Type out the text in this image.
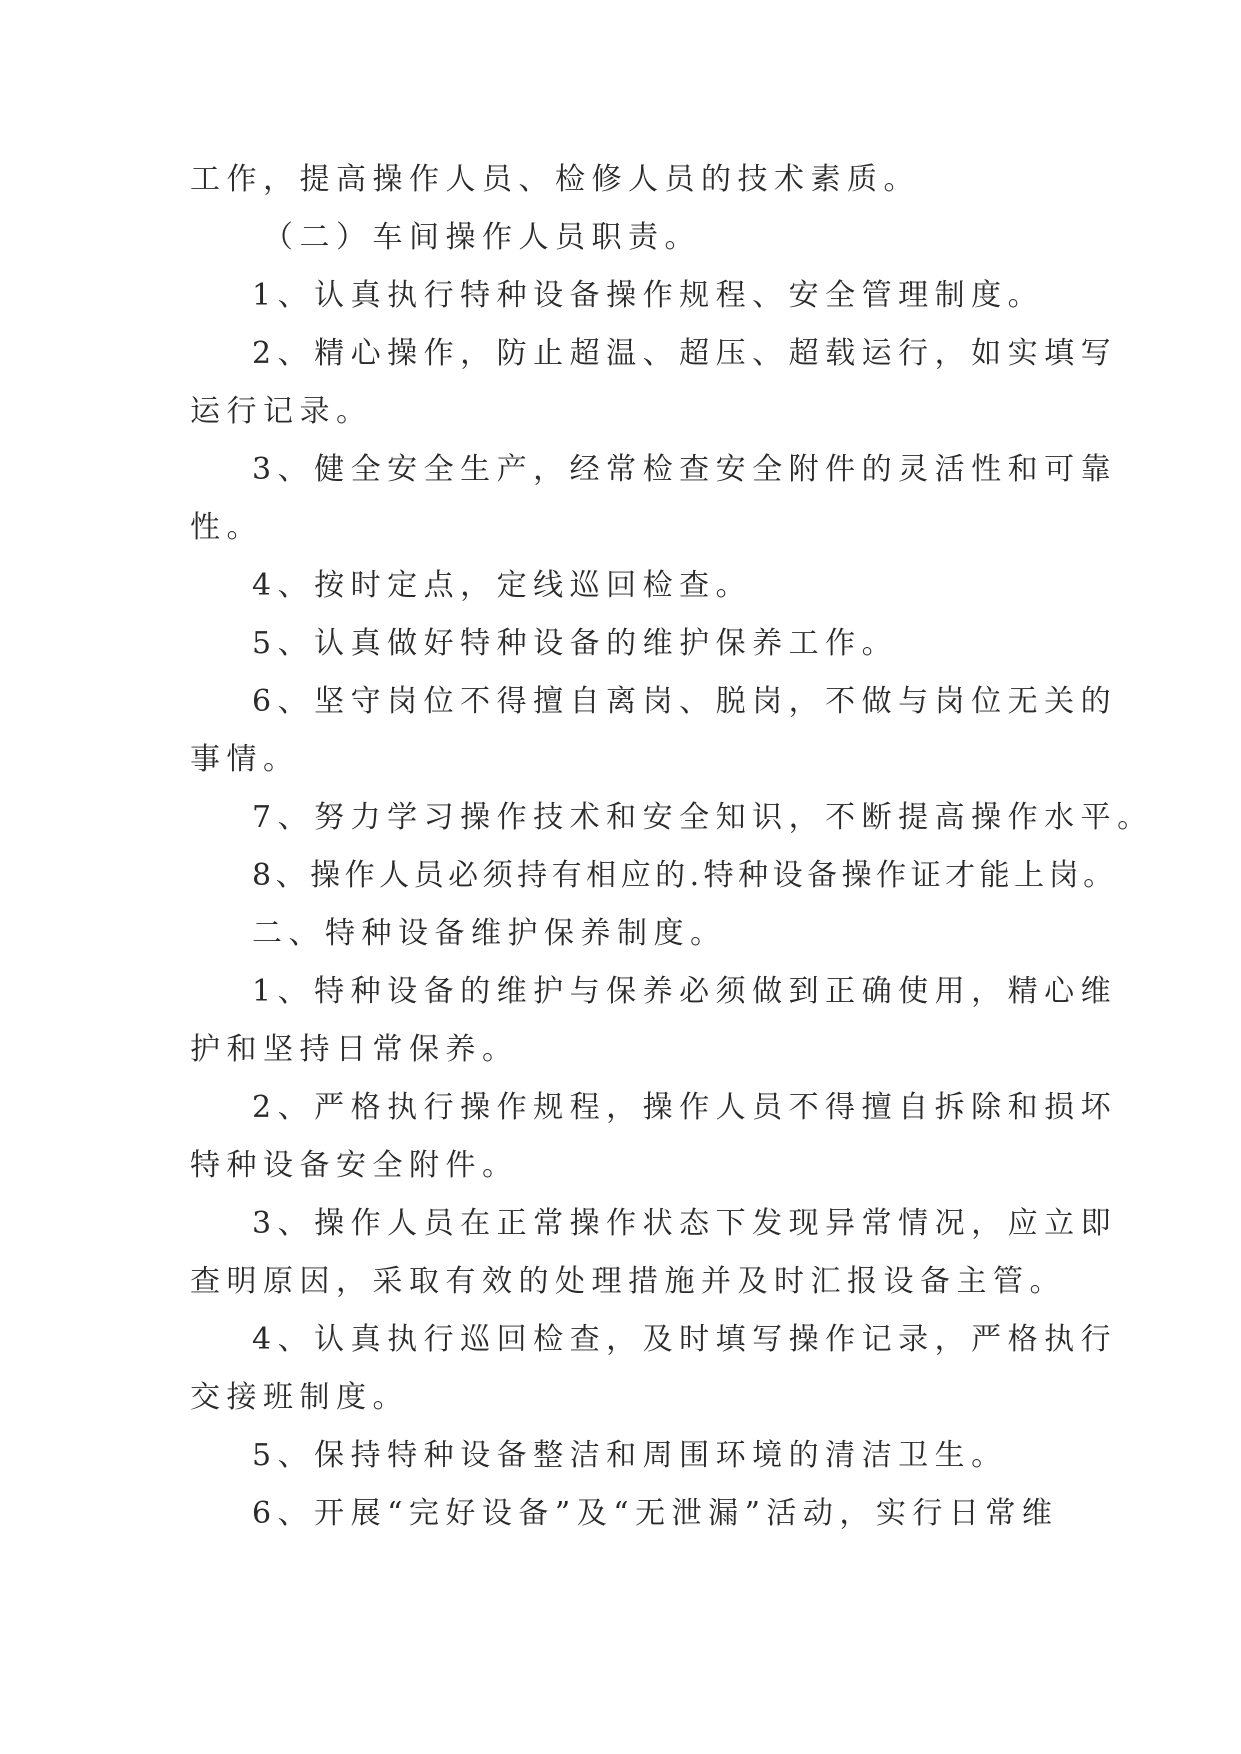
工作，提高操作人员、检修人员的技术素质。
（二）车间操作人员职责。
1、认真执行特种设备操作规程、安全管理制度。
2、精心操作，防止超温、超压、超载运行，如实填写
运行记录。
3、健全安全生产，经常检查安全附件的灵活性和可靠
性。
4、按时定点，定线巡回检查。
5、认真做好特种设备的维护保养工作。
6、坚守岗位不得擅自离岗、脱岗，不做与岗位无关的
事情。
7、努力学习操作技术和安全知识，不断提高操作水平。
8、操作人员必须持有相应的.特种设备操作证才能上岗。
二、特种设备维护保养制度。
1、特种设备的维护与保养必须做到正确使用，精心维
护和坚持日常保养。
2、严格执行操作规程，操作人员不得擅自拆除和损坏
特种设备安全附件。
3、操作人员在正常操作状态下发现异常情况，应立即
查明原因，采取有效的处理措施并及时汇报设备主管。
4、认真执行巡回检查，及时填写操作记录，严格执行
交接班制度。
5、保持特种设备整洁和周围环境的清洁卫生。
6、开展“完好设备”及“无泄漏”活动，实行日常维
